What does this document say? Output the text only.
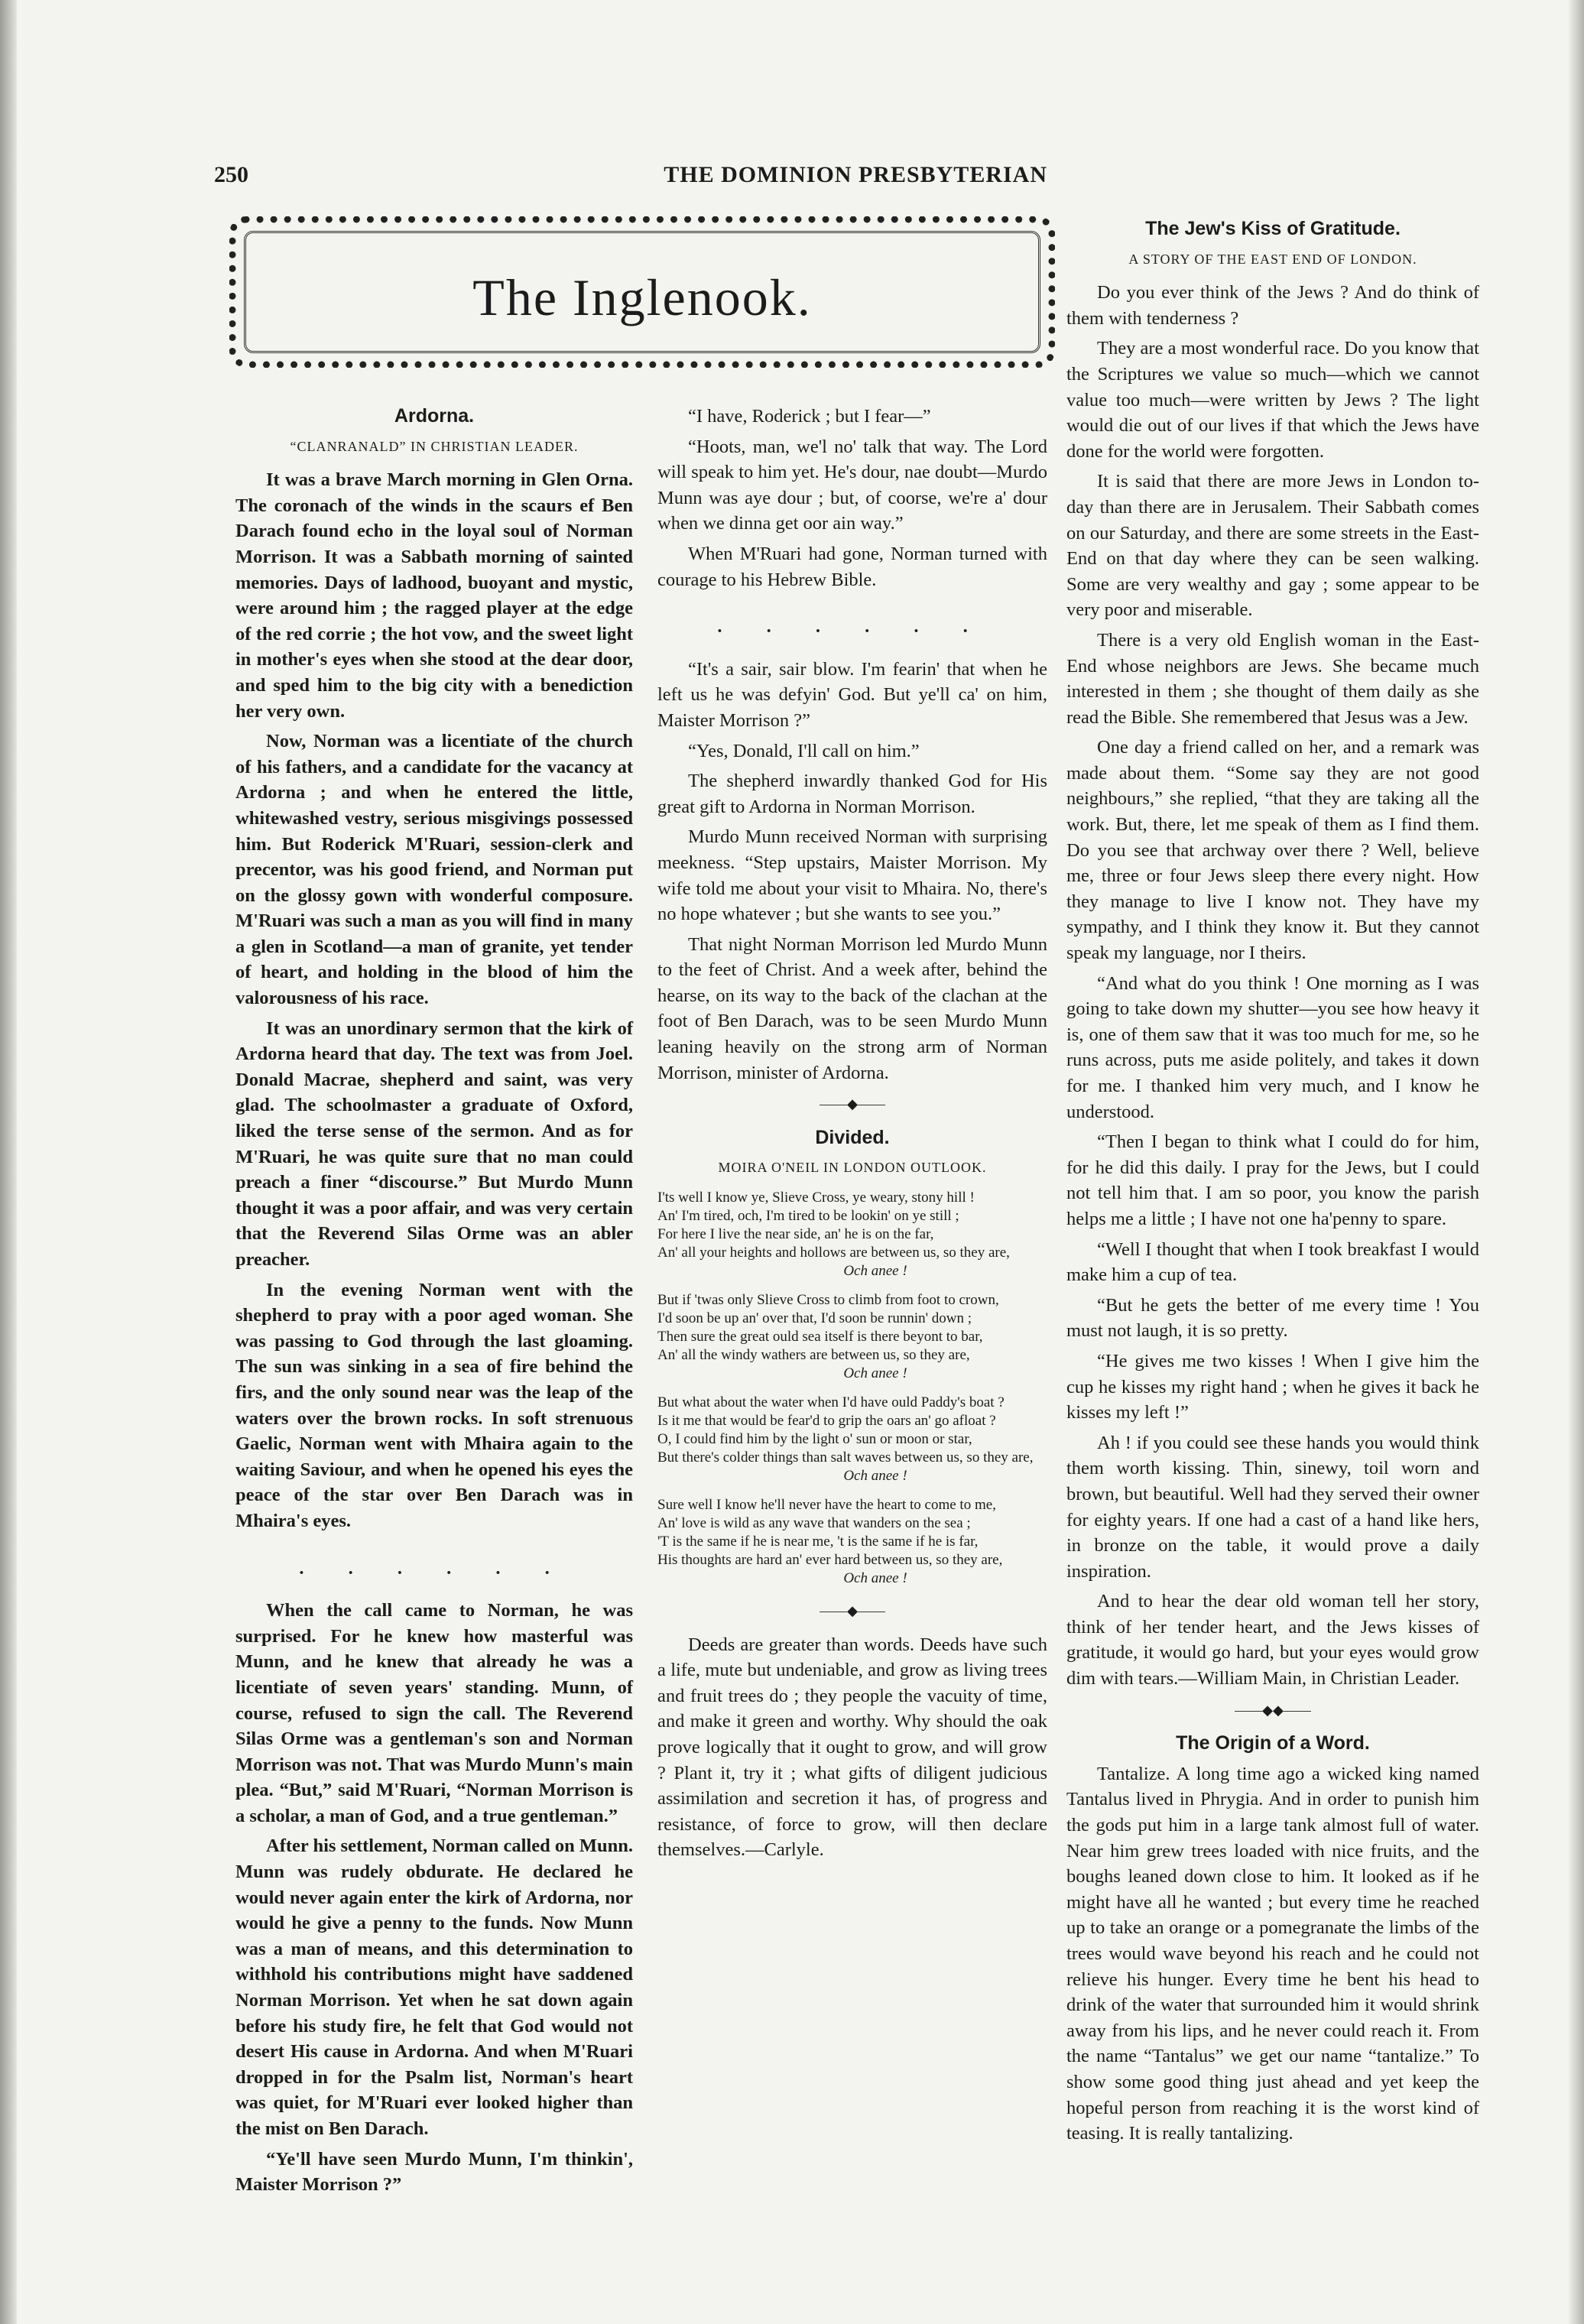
250	THE DOMINION PRESBYTERIAN
The Inglenook.
Ardorna.
“CLANRANALD” IN CHRISTIAN LEADER.

It was a brave March morning in Glen Orna. The coronach of the winds in the scaurs ef Ben Darach found echo in the loyal soul of Norman Morrison. It was a Sabbath morning of sainted memories. Days of ladhood, buoyant and mystic, were around him ; the ragged player at the edge of the red corrie ; the hot vow, and the sweet light in mother's eyes when she stood at the dear door, and sped him to the big city with a benediction her very own.

Now, Norman was a licentiate of the church of his fathers, and a candidate for the vacancy at Ardorna ; and when he entered the little, whitewashed vestry, serious misgivings possessed him. But Roderick M'Ruari, session-clerk and precentor, was his good friend, and Norman put on the glossy gown with wonderful composure. M'Ruari was such a man as you will find in many a glen in Scotland—a man of granite, yet tender of heart, and holding in the blood of him the valorousness of his race.

It was an unordinary sermon that the kirk of Ardorna heard that day. The text was from Joel. Donald Macrae, shepherd and saint, was very glad. The schoolmaster a graduate of Oxford, liked the terse sense of the sermon. And as for M'Ruari, he was quite sure that no man could preach a finer “discourse.” But Murdo Munn thought it was a poor affair, and was very certain that the Reverend Silas Orme was an abler preacher.

In the evening Norman went with the shepherd to pray with a poor aged woman. She was passing to God through the last gloaming. The sun was sinking in a sea of fire behind the firs, and the only sound near was the leap of the waters over the brown rocks. In soft strenuous Gaelic, Norman went with Mhaira again to the waiting Saviour, and when he opened his eyes the peace of the star over Ben Darach was in Mhaira's eyes.

. . . . . .

When the call came to Norman, he was surprised. For he knew how masterful was Munn, and he knew that already he was a licentiate of seven years' standing. Munn, of course, refused to sign the call. The Reverend Silas Orme was a gentleman's son and Norman Morrison was not. That was Murdo Munn's main plea. “But,” said M'Ruari, “Norman Morrison is a scholar, a man of God, and a true gentleman.”

After his settlement, Norman called on Munn. Munn was rudely obdurate. He declared he would never again enter the kirk of Ardorna, nor would he give a penny to the funds. Now Munn was a man of means, and this determination to withhold his contributions might have saddened Norman Morrison. Yet when he sat down again before his study fire, he felt that God would not desert His cause in Ardorna. And when M'Ruari dropped in for the Psalm list, Norman's heart was quiet, for M'Ruari ever looked higher than the mist on Ben Darach.

“Ye'll have seen Murdo Munn, I'm thinkin', Maister Morrison ?”

“I have, Roderick ; but I fear—”

“Hoots, man, we'l no' talk that way. The Lord will speak to him yet. He's dour, nae doubt—Murdo Munn was aye dour ; but, of coorse, we're a' dour when we dinna get oor ain way.”

When M'Ruari had gone, Norman turned with courage to his Hebrew Bible.

. . . . . .

“It's a sair, sair blow. I'm fearin' that when he left us he was defyin' God. But ye'll ca' on him, Maister Morrison ?”

“Yes, Donald, I'll call on him.”

The shepherd inwardly thanked God for His great gift to Ardorna in Norman Morrison.

Murdo Munn received Norman with surprising meekness. “Step upstairs, Maister Morrison. My wife told me about your visit to Mhaira. No, there's no hope whatever ; but she wants to see you.”

That night Norman Morrison led Murdo Munn to the feet of Christ. And a week after, behind the hearse, on its way to the back of the clachan at the foot of Ben Darach, was to be seen Murdo Munn leaning heavily on the strong arm of Norman Morrison, minister of Ardorna.

——◆——
Divided.
MOIRA O'NEIL IN LONDON OUTLOOK.
I'ts well I know ye, Slieve Cross, ye weary, stony hill !
An' I'm tired, och, I'm tired to be lookin' on ye still ;
For here I live the near side, an' he is on the far,
An' all your heights and hollows are between us, so they are,
Och anee !
But if 'twas only Slieve Cross to climb from foot to crown,
I'd soon be up an' over that, I'd soon be runnin' down ;
Then sure the great ould sea itself is there beyont to bar,
An' all the windy wathers are between us, so they are,
Och anee !
But what about the water when I'd have ould Paddy's boat ?
Is it me that would be fear'd to grip the oars an' go afloat ?
O, I could find him by the light o' sun or moon or star,
But there's colder things than salt waves between us, so they are,
Och anee !
Sure well I know he'll never have the heart to come to me,
An' love is wild as any wave that wanders on the sea ;
'T is the same if he is near me, 't is the same if he is far,
His thoughts are hard an' ever hard between us, so they are,
Och anee !
——◆——

Deeds are greater than words. Deeds have such a life, mute but undeniable, and grow as living trees and fruit trees do ; they people the vacuity of time, and make it green and worthy. Why should the oak prove logically that it ought to grow, and will grow ? Plant it, try it ; what gifts of diligent judicious assimilation and secretion it has, of progress and resistance, of force to grow, will then declare themselves.—Carlyle.

The Jew's Kiss of Gratitude.
A STORY OF THE EAST END OF LONDON.

Do you ever think of the Jews ? And do think of them with tenderness ?

They are a most wonderful race. Do you know that the Scriptures we value so much—which we cannot value too much—were written by Jews ? The light would die out of our lives if that which the Jews have done for the world were forgotten.

It is said that there are more Jews in London to-day than there are in Jerusalem. Their Sabbath comes on our Saturday, and there are some streets in the East-End on that day where they can be seen walking. Some are very wealthy and gay ; some appear to be very poor and miserable.

There is a very old English woman in the East-End whose neighbors are Jews. She became much interested in them ; she thought of them daily as she read the Bible. She remembered that Jesus was a Jew.

One day a friend called on her, and a remark was made about them. “Some say they are not good neighbours,” she replied, “that they are taking all the work. But, there, let me speak of them as I find them. Do you see that archway over there ? Well, believe me, three or four Jews sleep there every night. How they manage to live I know not. They have my sympathy, and I think they know it. But they cannot speak my language, nor I theirs.

“And what do you think ! One morning as I was going to take down my shutter—you see how heavy it is, one of them saw that it was too much for me, so he runs across, puts me aside politely, and takes it down for me. I thanked him very much, and I know he understood.

“Then I began to think what I could do for him, for he did this daily. I pray for the Jews, but I could not tell him that. I am so poor, you know the parish helps me a little ; I have not one ha'penny to spare.

“Well I thought that when I took breakfast I would make him a cup of tea.

“But he gets the better of me every time ! You must not laugh, it is so pretty.

“He gives me two kisses ! When I give him the cup he kisses my right hand ; when he gives it back he kisses my left !”

Ah ! if you could see these hands you would think them worth kissing. Thin, sinewy, toil worn and brown, but beautiful. Well had they served their owner for eighty years. If one had a cast of a hand like hers, in bronze on the table, it would prove a daily inspiration.

And to hear the dear old woman tell her story, think of her tender heart, and the Jews kisses of gratitude, it would go hard, but your eyes would grow dim with tears.—William Main, in Christian Leader.

——◆◆——
The Origin of a Word.

Tantalize. A long time ago a wicked king named Tantalus lived in Phrygia. And in order to punish him the gods put him in a large tank almost full of water. Near him grew trees loaded with nice fruits, and the boughs leaned down close to him. It looked as if he might have all he wanted ; but every time he reached up to take an orange or a pomegranate the limbs of the trees would wave beyond his reach and he could not relieve his hunger. Every time he bent his head to drink of the water that surrounded him it would shrink away from his lips, and he never could reach it. From the name “Tantalus” we get our name “tantalize.” To show some good thing just ahead and yet keep the hopeful person from reaching it is the worst kind of teasing. It is really tantalizing.
